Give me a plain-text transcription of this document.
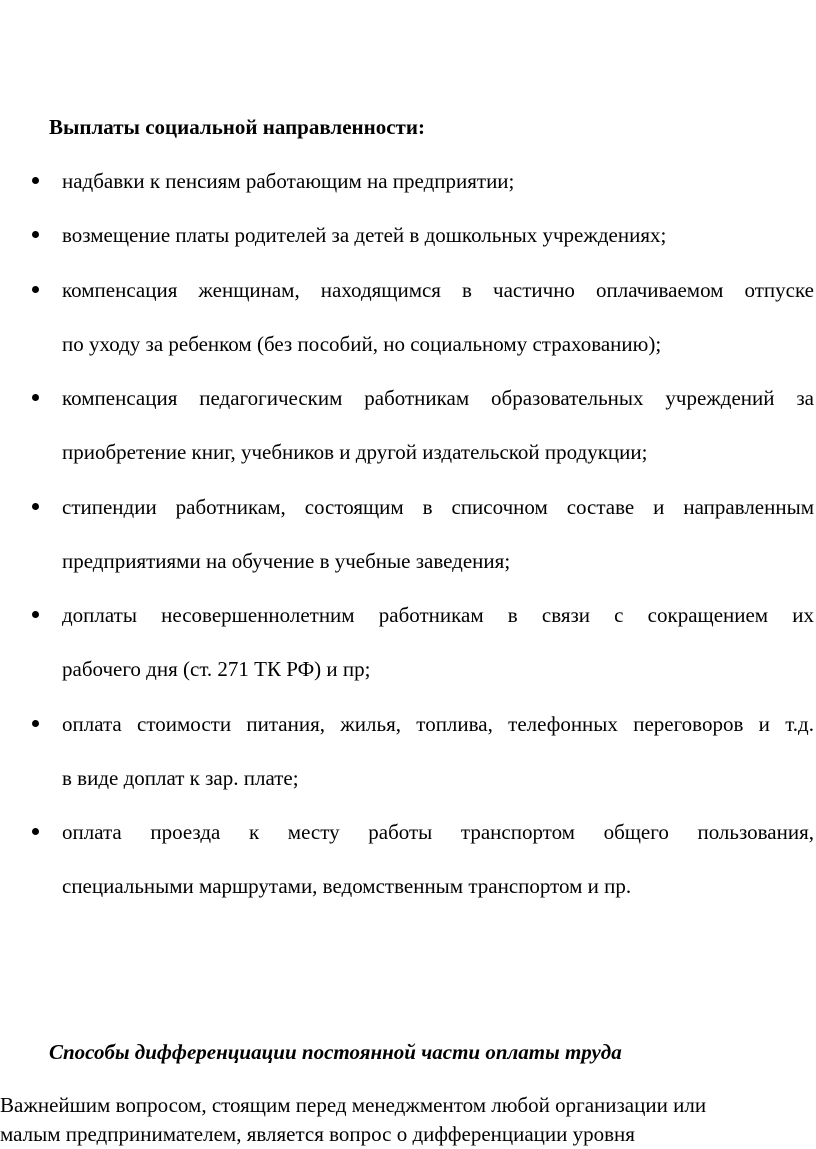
Выплаты социальной направленности:
надбавки к пенсиям работающим на предприятии;
возмещение платы родителей за детей в дошкольных учреждениях;
компенсация женщинам, находящимся в частично оплачиваемом отпуске
по уходу за ребенком (без пособий, но социальному страхованию);
компенсация педагогическим работникам образовательных учреждений за
приобретение книг, учебников и другой издательской продукции;
стипендии работникам, состоящим в списочном составе и направленным
предприятиями на обучение в учебные заведения;
доплаты несовершеннолетним работникам в связи с сокращением их
рабочего дня (ст. 271 ТК РФ) и пр;
оплата стоимости питания, жилья, топлива, телефонных переговоров и т.д.
в виде доплат к зар. плате;
оплата проезда к месту работы транспортом общего пользования,
специальными маршрутами, ведомственным транспортом и пр.
Способы дифференциации постоянной части оплаты труда
Важнейшим вопросом, стоящим перед менеджментом любой организации или
малым предпринимателем, является вопрос о дифференциации уровня
